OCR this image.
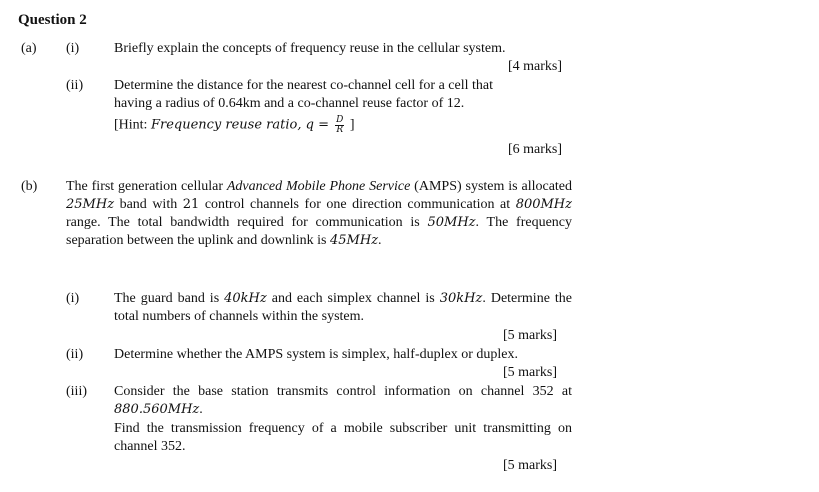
Question 2
(a) (i) Briefly explain the concepts of frequency reuse in the cellular system.
[4 marks]
(ii) Determine the distance for the nearest co-channel cell for a cell that
having a radius of 0.64km and a co-channel reuse factor of 12.
[Hint: Frequency reuse ratio, $q = \frac{D}{R}$ ]
[6 marks]
(b) The first generation cellular Advanced Mobile Phone Service (AMPS) system is allocated 25MHz band with 21 control channels for one direction communication at 800MHz range. The total bandwidth required for communication is 50MHz. The frequency separation between the uplink and downlink is 45MHz.
(i) The guard band is 40kHz and each simplex channel is 30kHz. Determine the total numbers of channels within the system.
[5 marks]
(ii) Determine whether the AMPS system is simplex, half-duplex or duplex.
[5 marks]
(iii) Consider the base station transmits control information on channel 352 at 880.560MHz.
Find the transmission frequency of a mobile subscriber unit transmitting on channel 352.
[5 marks]
